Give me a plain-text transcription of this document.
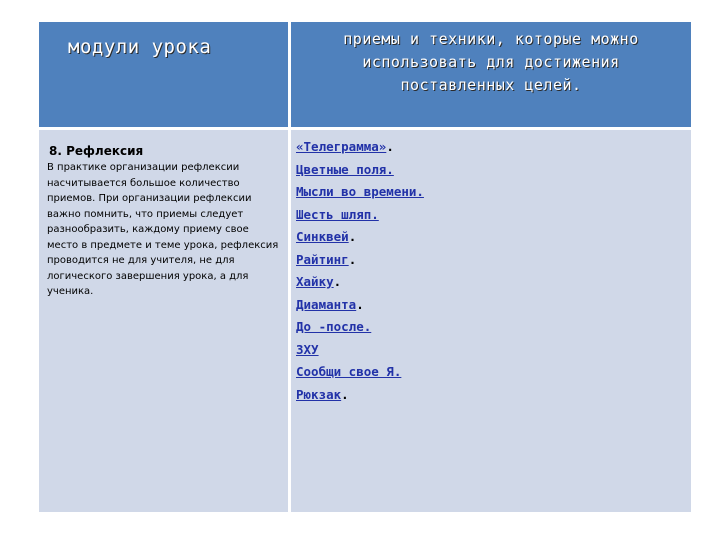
модули урока	приемы и техники, которые можно
использовать для достижения
поставленных целей.
8. Рефлексия
В практике организации рефлексии насчитывается большое количество приемов. При организации рефлексии важно помнить, что приемы следует разнообразить, каждому приему свое место в предмете и теме урока, рефлексия проводится не для учителя, не для логического завершения урока, а для ученика.
«Телеграмма».
Цветные поля.
Мысли во времени.
Шесть шляп.
Синквей.
Райтинг.
Хайку.
Диаманта.
До -после.
ЗХУ
Сообщи свое Я.
Рюкзак.
